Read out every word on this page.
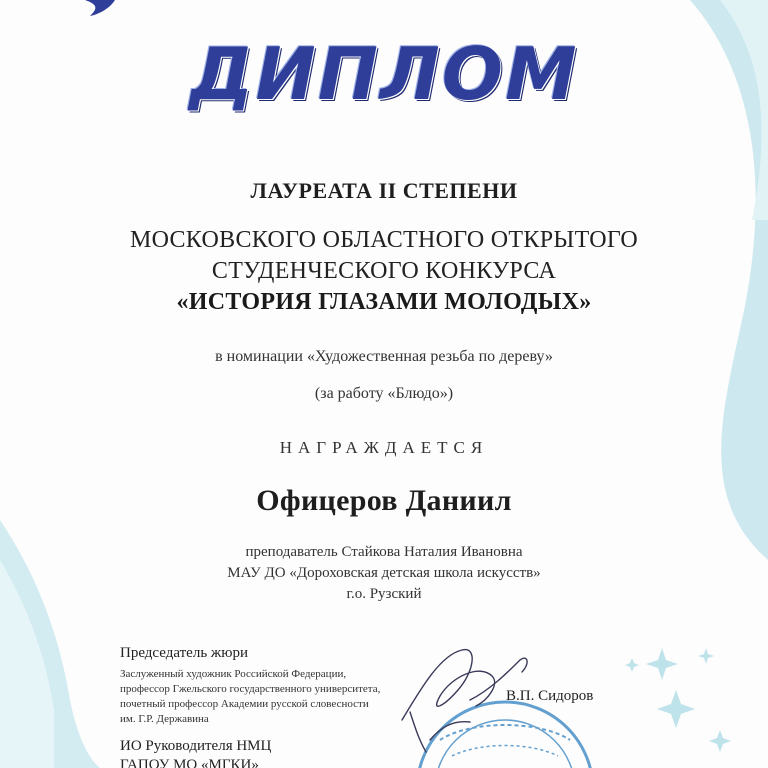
ДИПЛОМ
ЛАУРЕАТА II СТЕПЕНИ
МОСКОВСКОГО ОБЛАСТНОГО ОТКРЫТОГО
СТУДЕНЧЕСКОГО КОНКУРСА
«ИСТОРИЯ ГЛАЗАМИ МОЛОДЫХ»
в номинации «Художественная резьба по дереву»
(за работу «Блюдо»)
НАГРАЖДАЕТСЯ
Офицеров Даниил
преподаватель Стайкова Наталия Ивановна
МАУ ДО «Дороховская детская школа искусств»
г.о. Рузский
Председатель жюри
Заслуженный художник Российской Федерации,
профессор Гжельского государственного университета,
почетный профессор Академии русской словесности
им. Г.Р. Державина
В.П. Сидоров
ИО Руководителя НМЦ
ГАПОУ МО «МГКИ»
